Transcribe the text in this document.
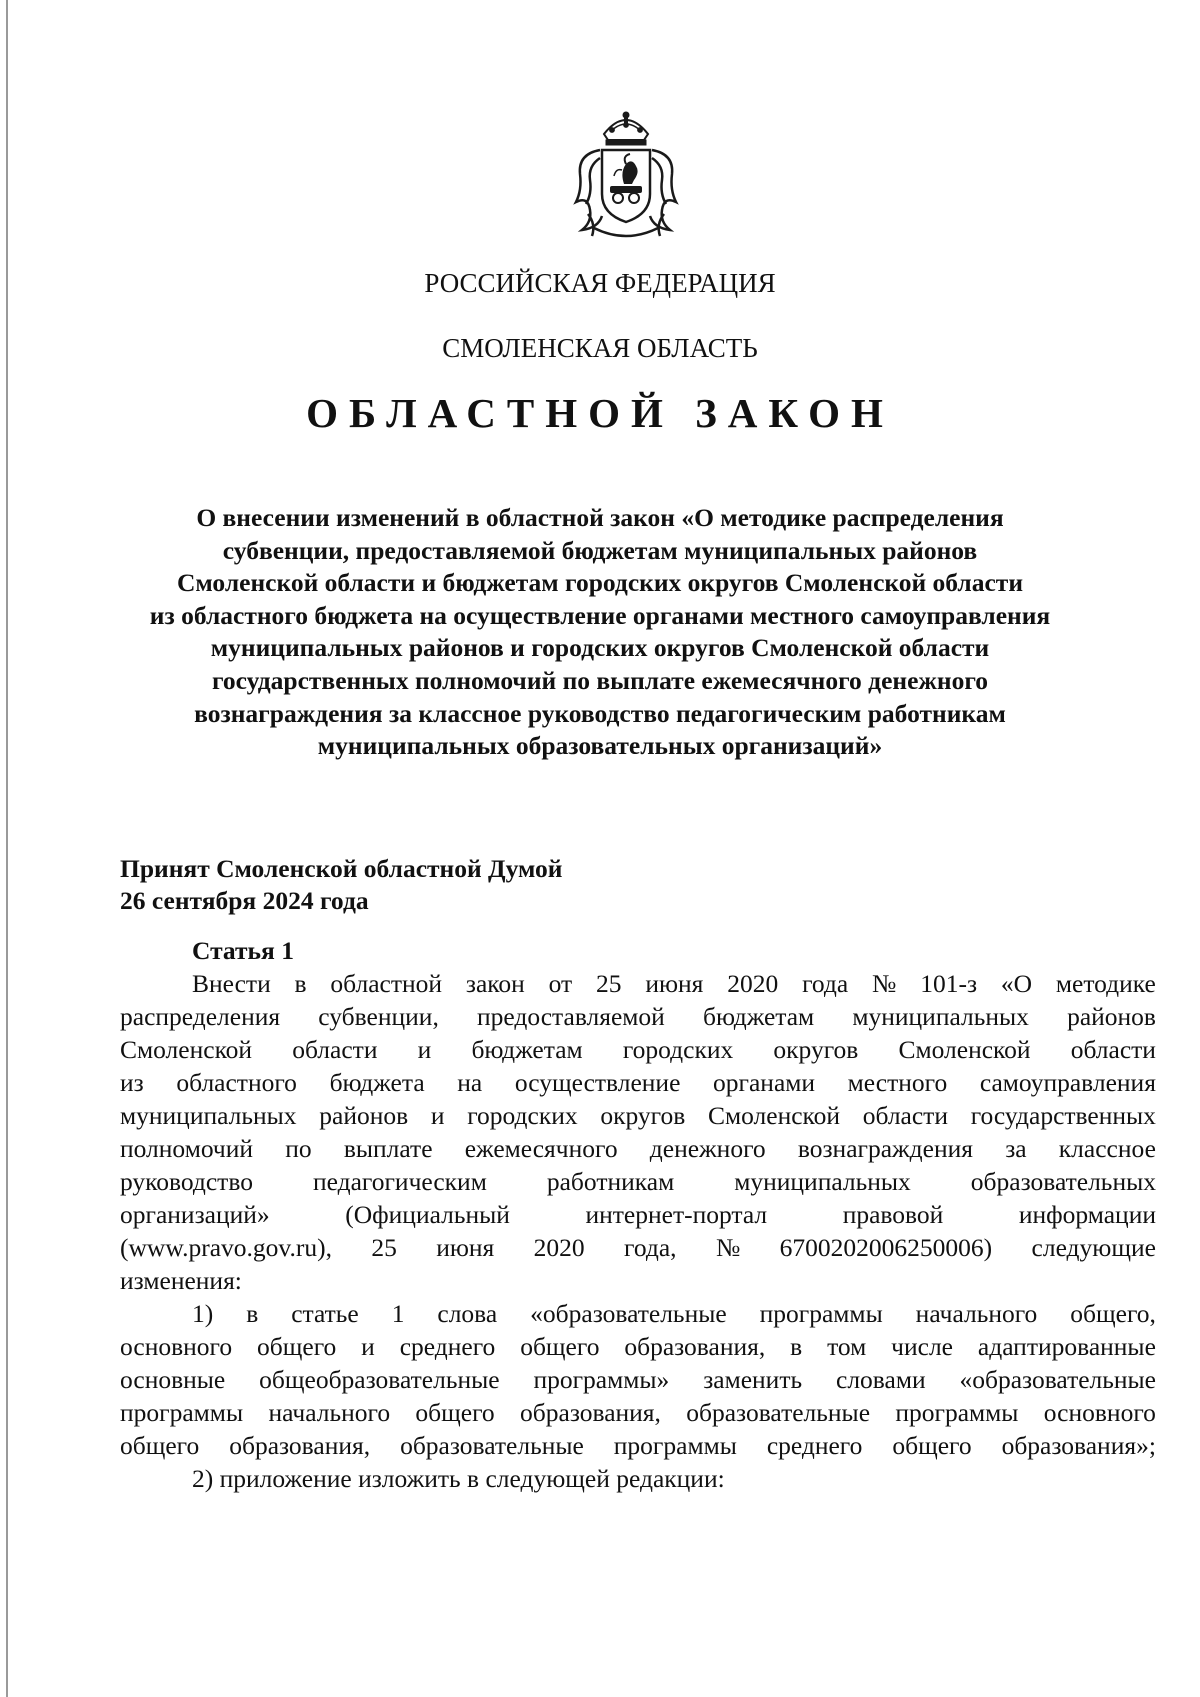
РОССИЙСКАЯ ФЕДЕРАЦИЯ

СМОЛЕНСКАЯ ОБЛАСТЬ

ОБЛАСТНОЙ ЗАКОН

О внесении изменений в областной закон «О методике распределения
субвенции, предоставляемой бюджетам муниципальных районов
Смоленской области и бюджетам городских округов Смоленской области
из областного бюджета на осуществление органами местного самоуправления
муниципальных районов и городских округов Смоленской области
государственных полномочий по выплате ежемесячного денежного
вознаграждения за классное руководство педагогическим работникам
муниципальных образовательных организаций»

Принят Смоленской областной Думой
26 сентября 2024 года

Статья 1

Внести в областной закон от 25 июня 2020 года № 101-з «О методике
распределения субвенции, предоставляемой бюджетам муниципальных районов
Смоленской области и бюджетам городских округов Смоленской области
из областного бюджета на осуществление органами местного самоуправления
муниципальных районов и городских округов Смоленской области государственных
полномочий по выплате ежемесячного денежного вознаграждения за классное
руководство педагогическим работникам муниципальных образовательных
организаций»	(Официальный	интернет-портал	правовой	информации
(www.pravo.gov.ru), 25 июня 2020 года, № 6700202006250006) следующие
изменения:
1) в статье 1 слова «образовательные программы начального общего,
основного общего и среднего общего образования, в том числе адаптированные
основные общеобразовательные программы» заменить словами «образовательные
программы начального общего образования, образовательные программы основного
общего образования, образовательные программы среднего общего образования»;
2) приложение изложить в следующей редакции:
